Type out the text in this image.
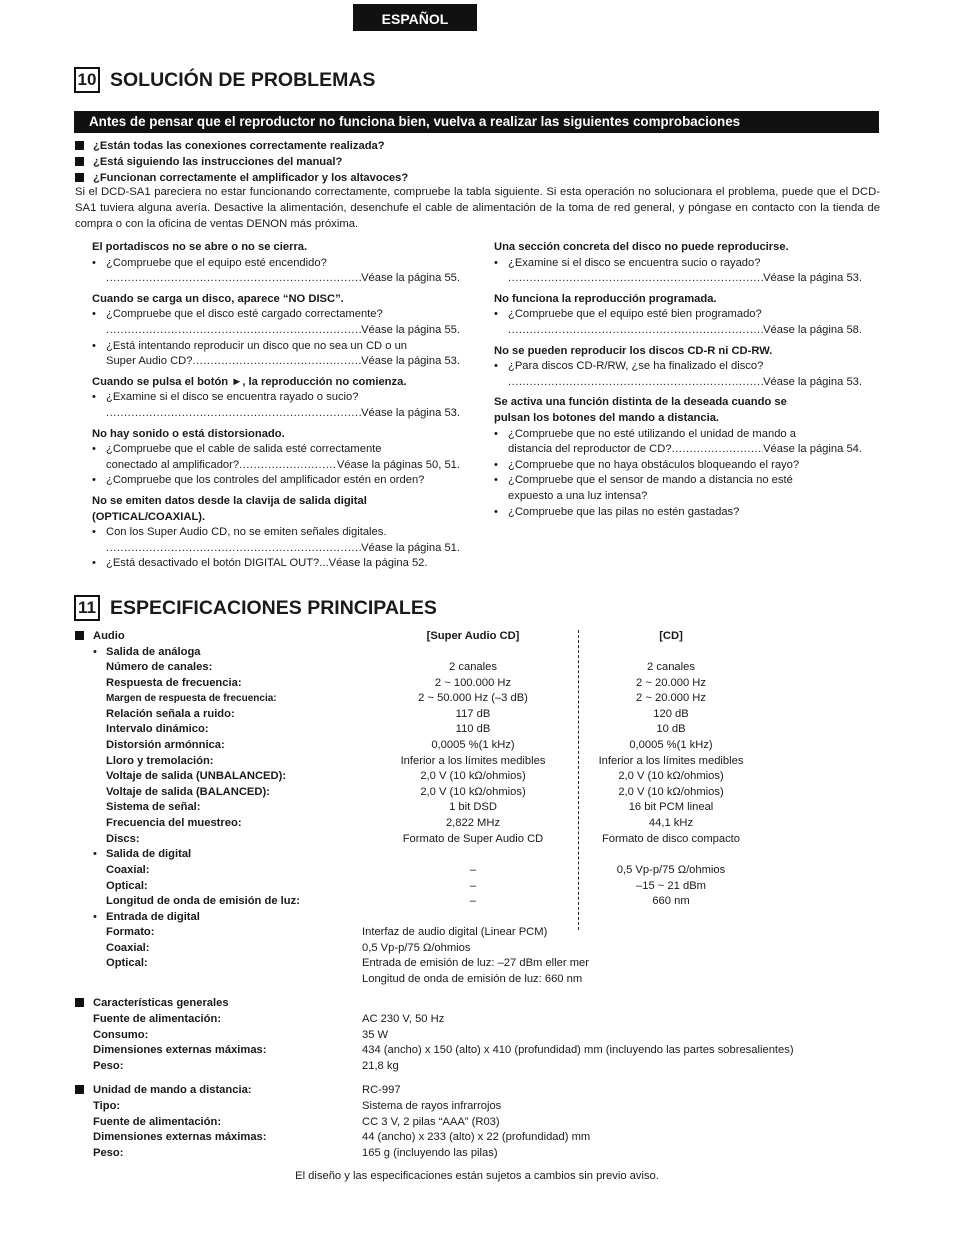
ESPAÑOL
10 SOLUCIÓN DE PROBLEMAS
Antes de pensar que el reproductor no funciona bien, vuelva a realizar las siguientes comprobaciones
¿Están todas las conexiones correctamente realizada?
¿Está siguiendo las instrucciones del manual?
¿Funcionan correctamente el amplificador y los altavoces?
Si el DCD-SA1 pareciera no estar funcionando correctamente, compruebe la tabla siguiente. Si esta operación no solucionara el problema, puede que el DCD-SA1 tuviera alguna avería. Desactive la alimentación, desenchufe el cable de alimentación de la toma de red general, y póngase en contacto con la tienda de compra o con la oficina de ventas DENON más próxima.
El portadiscos no se abre o no se cierra.
• ¿Compruebe que el equipo esté encendido?
.....
Véase la página 55.
Cuando se carga un disco, aparece “NO DISC”.
• ¿Compruebe que el disco esté cargado correctamente?
.....
Véase la página 55.
• ¿Está intentando reproducir un disco que no sea un CD o un
Super Audio CD? .....	Véase la página 53.
Cuando se pulsa el botón ►, la reproducción no comienza.
• ¿Examine si el disco se encuentra rayado o sucio?
.....
Véase la página 53.
No hay sonido o está distorsionado.
• ¿Compruebe que el cable de salida esté correctamente
conectado al amplificador? .....	Véase la páginas 50, 51.
• ¿Compruebe que los controles del amplificador estén en orden?
No se emiten datos desde la clavija de salida digital
(OPTICAL/COAXIAL).
• Con los Super Audio CD, no se emiten señales digitales.
.....
Véase la página 51.
• ¿Está desactivado el botón DIGITAL OUT?...Véase la página 52.
Una sección concreta del disco no puede reproducirse.
• ¿Examine si el disco se encuentra sucio o rayado?
.....
Véase la página 53.
No funciona la reproducción programada.
• ¿Compruebe que el equipo esté bien programado?
.....
Véase la página 58.
No se pueden reproducir los discos CD-R ni CD-RW.
• ¿Para discos CD-R/RW, ¿se ha finalizado el disco?
.....
Véase la página 53.
Se activa una función distinta de la deseada cuando se
pulsan los botones del mando a distancia.
• ¿Compruebe que no esté utilizando el unidad de mando a
distancia del reproductor de CD? .....	Véase la página 54.
• ¿Compruebe que no haya obstáculos bloqueando el rayo?
• ¿Compruebe que el sensor de mando a distancia no esté
expuesto a una luz intensa?
• ¿Compruebe que las pilas no estén gastadas?
11 ESPECIFICACIONES PRINCIPALES
Audio	[Super Audio CD]	[CD]
• Salida de análoga
Número de canales:	2 canales	2 canales
Respuesta de frecuencia:	2 ~ 100.000 Hz	2 ~ 20.000 Hz
Margen de respuesta de frecuencia:	2 ~ 50.000 Hz (–3 dB)	2 ~ 20.000 Hz
Relación señala a ruido:	117 dB	120 dB
Intervalo dinámico:	110 dB	10 dB
Distorsión armónnica:	0,0005 %(1 kHz)	0,0005 %(1 kHz)
Lloro y tremolación:	Inferior a los límites medibles	Inferior a los límites medibles
Voltaje de salida (UNBALANCED):	2,0 V (10 kΩ/ohmios)	2,0 V (10 kΩ/ohmios)
Voltaje de salida (BALANCED):	2,0 V (10 kΩ/ohmios)	2,0 V (10 kΩ/ohmios)
Sistema de señal:	1 bit DSD	16 bit PCM lineal
Frecuencia del muestreo:	2,822 MHz	44,1 kHz
Discs:	Formato de Super Audio CD	Formato de disco compacto
• Salida de digital
Coaxial:	–	0,5 Vp-p/75 Ω/ohmios
Optical:	–	–15 ~ 21 dBm
Longitud de onda de emisión de luz:	–	660 nm
• Entrada de digital
Formato:	Interfaz de audio digital (Linear PCM)
Coaxial:	0,5 Vp-p/75 Ω/ohmios
Optical:	Entrada de emisión de luz: –27 dBm eller mer
Longitud de onda de emisión de luz: 660 nm
Características generales
Fuente de alimentación:	AC 230 V, 50 Hz
Consumo:	35 W
Dimensiones externas máximas:	434 (ancho) x 150 (alto) x 410 (profundidad) mm (incluyendo las partes sobresalientes)
Peso:	21,8 kg
Unidad de mando a distancia:	RC-997
Tipo:	Sistema de rayos infrarrojos
Fuente de alimentación:	CC 3 V, 2 pilas “AAA” (R03)
Dimensiones externas máximas:	44 (ancho) x 233 (alto) x 22 (profundidad) mm
Peso:	165 g (incluyendo las pilas)
El diseño y las especificaciones están sujetos a cambios sin previo aviso.
